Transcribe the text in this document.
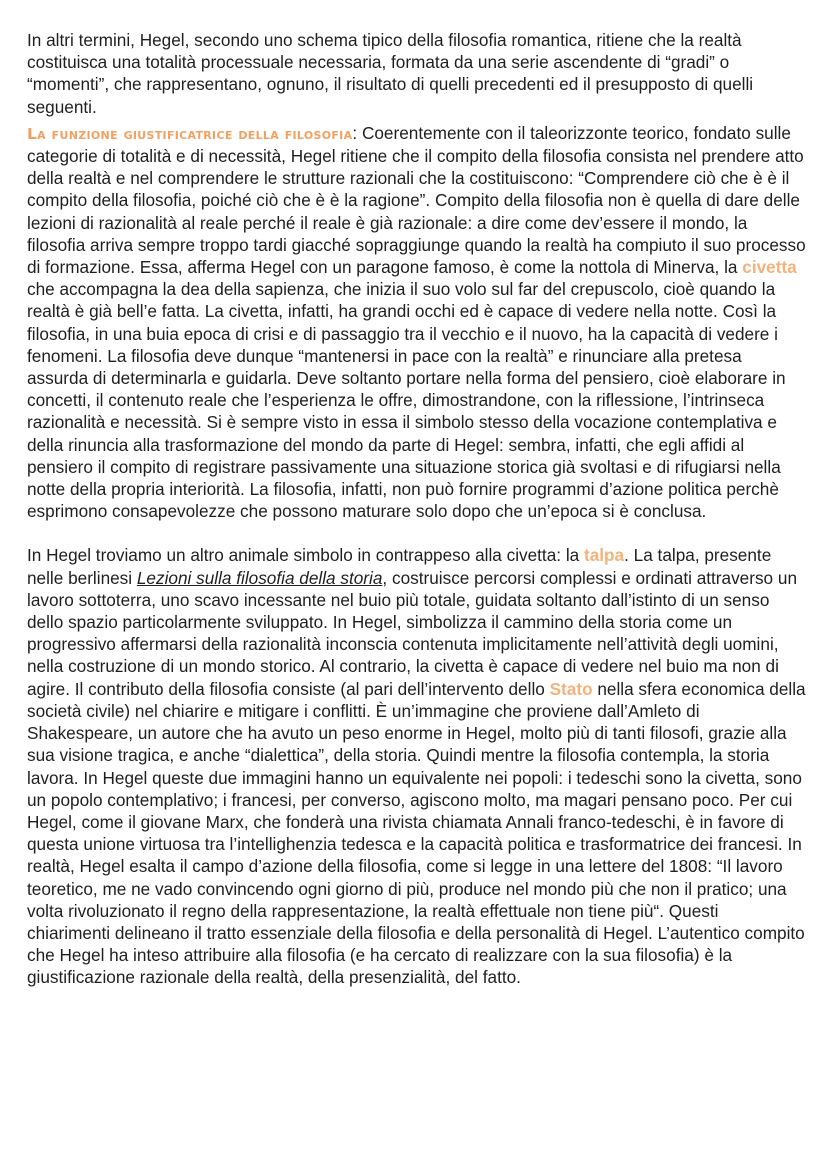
In altri termini, Hegel, secondo uno schema tipico della filosofia romantica, ritiene che la realtà costituisca una totalità processuale necessaria, formata da una serie ascendente di “gradi” o “momenti”, che rappresentano, ognuno, il risultato di quelli precedenti ed il presupposto di quelli seguenti.

La funzione giustificatrice della filosofia: Coerentemente con il taleorizzonte teorico, fondato sulle categorie di totalità e di necessità, Hegel ritiene che il compito della filosofia consista nel prendere atto della realtà e nel comprendere le strutture razionali che la costituiscono: “Comprendere ciò che è è il compito della filosofia, poiché ciò che è è la ragione”. Compito della filosofia non è quella di dare delle lezioni di razionalità al reale perché il reale è già razionale: a dire come dev’essere il mondo, la filosofia arriva sempre troppo tardi giacché sopraggiunge quando la realtà ha compiuto il suo processo di formazione. Essa, afferma Hegel con un paragone famoso, è come la nottola di Minerva, la civetta che accompagna la dea della sapienza, che inizia il suo volo sul far del crepuscolo, cioè quando la realtà è già bell’e fatta. La civetta, infatti, ha grandi occhi ed è capace di vedere nella notte. Così la filosofia, in una buia epoca di crisi e di passaggio tra il vecchio e il nuovo, ha la capacità di vedere i fenomeni. La filosofia deve dunque “mantenersi in pace con la realtà” e rinunciare alla pretesa assurda di determinarla e guidarla. Deve soltanto portare nella forma del pensiero, cioè elaborare in concetti, il contenuto reale che l’esperienza le offre, dimostrandone, con la riflessione, l’intrinseca razionalità e necessità. Si è sempre visto in essa il simbolo stesso della vocazione contemplativa e della rinuncia alla trasformazione del mondo da parte di Hegel: sembra, infatti, che egli affidi al pensiero il compito di registrare passivamente una situazione storica già svoltasi e di rifugiarsi nella notte della propria interiorità. La filosofia, infatti, non può fornire programmi d’azione politica perchè esprimono consapevolezze che possono maturare solo dopo che un’epoca si è conclusa.

In Hegel troviamo un altro animale simbolo in contrappeso alla civetta: la talpa. La talpa, presente nelle berlinesi Lezioni sulla filosofia della storia, costruisce percorsi complessi e ordinati attraverso un lavoro sottoterra, uno scavo incessante nel buio più totale, guidata soltanto dall’istinto di un senso dello spazio particolarmente sviluppato. In Hegel, simbolizza il cammino della storia come un progressivo affermarsi della razionalità inconscia contenuta implicitamente nell’attività degli uomini, nella costruzione di un mondo storico. Al contrario, la civetta è capace di vedere nel buio ma non di agire. Il contributo della filosofia consiste (al pari dell’intervento dello Stato nella sfera economica della società civile) nel chiarire e mitigare i conflitti. È un’immagine che proviene dall’Amleto di Shakespeare, un autore che ha avuto un peso enorme in Hegel, molto più di tanti filosofi, grazie alla sua visione tragica, e anche “dialettica”, della storia. Quindi mentre la filosofia contempla, la storia lavora. In Hegel queste due immagini hanno un equivalente nei popoli: i tedeschi sono la civetta, sono un popolo contemplativo; i francesi, per converso, agiscono molto, ma magari pensano poco. Per cui Hegel, come il giovane Marx, che fonderà una rivista chiamata Annali franco-tedeschi, è in favore di questa unione virtuosa tra l’intellighenzia tedesca e la capacità politica e trasformatrice dei francesi. In realtà, Hegel esalta il campo d’azione della filosofia, come si legge in una lettere del 1808: “Il lavoro teoretico, me ne vado convincendo ogni giorno di più, produce nel mondo più che non il pratico; una volta rivoluzionato il regno della rappresentazione, la realtà effettuale non tiene più“. Questi chiarimenti delineano il tratto essenziale della filosofia e della personalità di Hegel. L’autentico compito che Hegel ha inteso attribuire alla filosofia (e ha cercato di realizzare con la sua filosofia) è la giustificazione razionale della realtà, della presenzialità, del fatto.
